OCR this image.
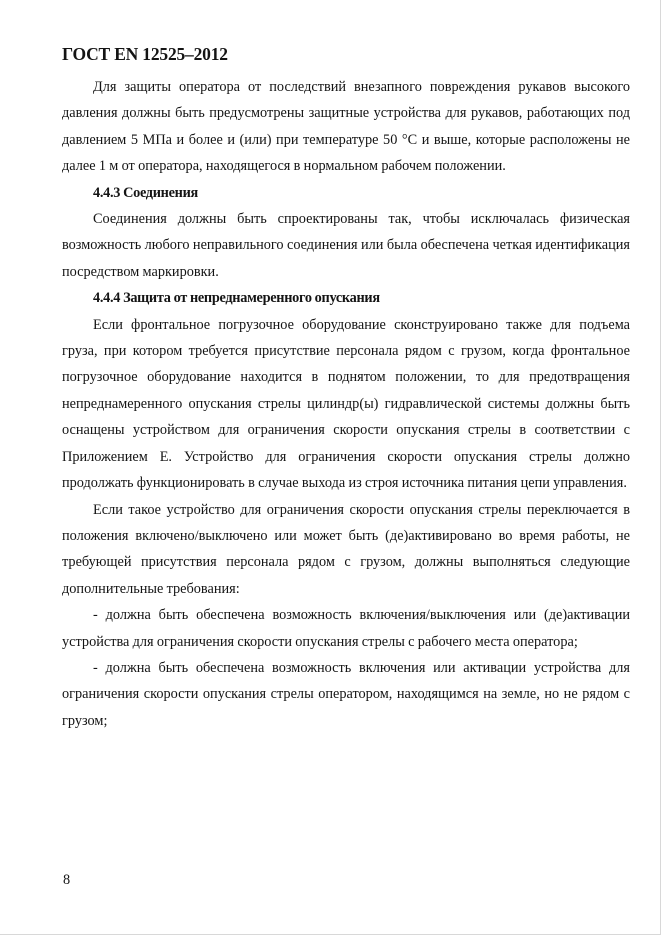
ГОСТ EN 12525–2012

Для защиты оператора от последствий внезапного повреждения рукавов высокого давления должны быть предусмотрены защитные устройства для рукавов, работающих под давлением 5 МПа и более и (или) при температуре 50 °С и выше, которые расположены не далее 1 м от оператора, находящегося в нормальном рабочем положении.

4.4.3 Соединения

Соединения должны быть спроектированы так, чтобы исключалась физическая возможность любого неправильного соединения или была обеспечена четкая идентификация посредством маркировки.

4.4.4 Защита от непреднамеренного опускания

Если фронтальное погрузочное оборудование сконструировано также для подъема груза, при котором требуется присутствие персонала рядом с грузом, когда фронтальное погрузочное оборудование находится в поднятом положении, то для предотвращения непреднамеренного опускания стрелы цилиндр(ы) гидравлической системы должны быть оснащены устройством для ограничения скорости опускания стрелы в соответствии с Приложением Е. Устройство для ограничения скорости опускания стрелы должно продолжать функционировать в случае выхода из строя источника питания цепи управления.

Если такое устройство для ограничения скорости опускания стрелы переключается в положения включено/выключено или может быть (де)активировано во время работы, не требующей присутствия персонала рядом с грузом, должны выполняться следующие дополнительные требования:

- должна быть обеспечена возможность включения/выключения или (де)активации устройства для ограничения скорости опускания стрелы с рабочего места оператора;

- должна быть обеспечена возможность включения или активации устройства для ограничения скорости опускания стрелы оператором, находящимся на земле, но не рядом с грузом;

8
